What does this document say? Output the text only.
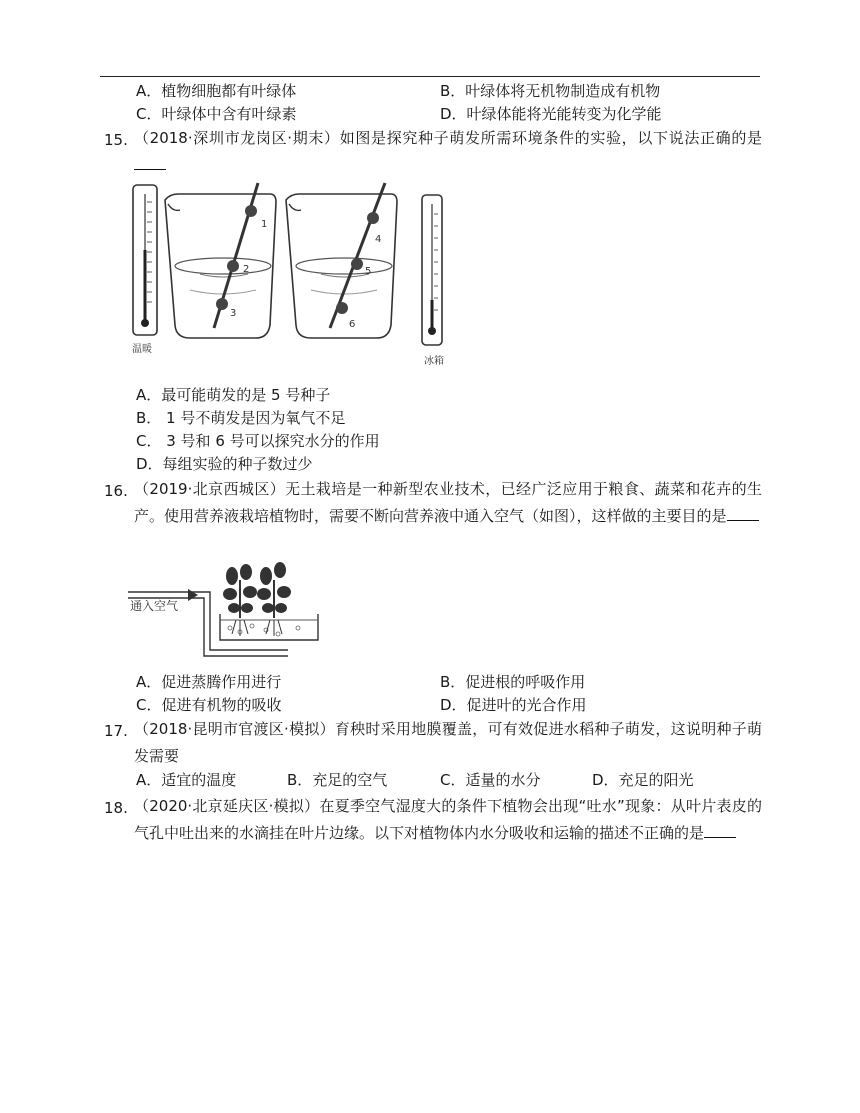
A．植物细胞都有叶绿体	B．叶绿体将无机物制造成有机物
C．叶绿体中含有叶绿素	D．叶绿体能将光能转变为化学能
15. （2018·深圳市龙岗区·期末）如图是探究种子萌发所需环境条件的实验，以下说法正确的是
温暖
1
2
3
4
5
6
冰箱
A．最可能萌发的是 5 号种子
B． 1 号不萌发是因为氧气不足
C． 3 号和 6 号可以探究水分的作用
D．每组实验的种子数过少
16. （2019·北京西城区）无土栽培是一种新型农业技术，已经广泛应用于粮食、蔬菜和花卉的生产。使用营养液栽培植物时，需要不断向营养液中通入空气（如图），这样做的主要目的是
通入空气
A．促进蒸腾作用进行	B．促进根的呼吸作用
C．促进有机物的吸收	D．促进叶的光合作用
17. （2018·昆明市官渡区·模拟）育秧时采用地膜覆盖，可有效促进水稻种子萌发，这说明种子萌发需要
A．适宜的温度	B．充足的空气	C．适量的水分	D．充足的阳光
18. （2020·北京延庆区·模拟）在夏季空气湿度大的条件下植物会出现“吐水”现象：从叶片表皮的气孔中吐出来的水滴挂在叶片边缘。以下对植物体内水分吸收和运输的描述不正确的是
